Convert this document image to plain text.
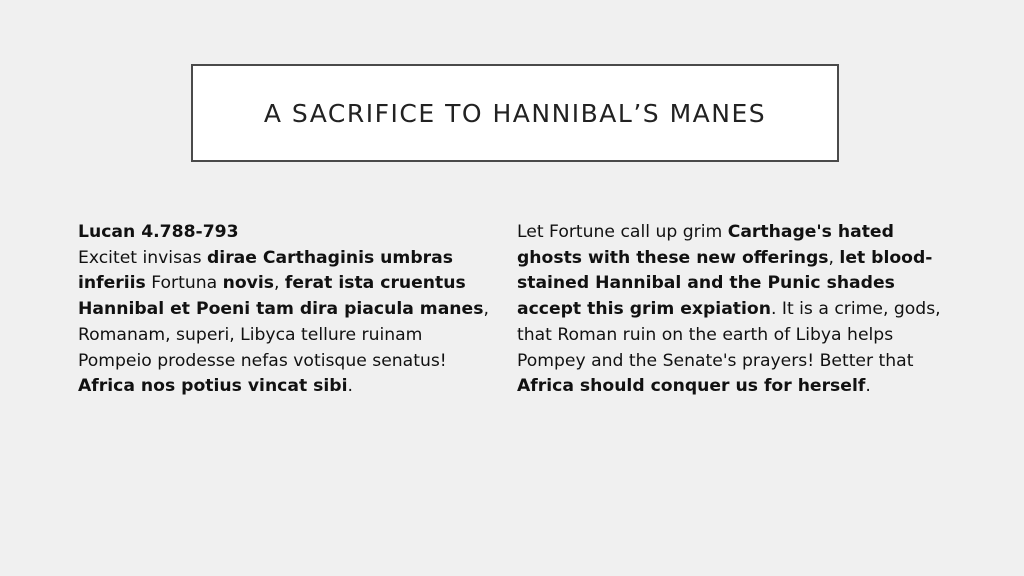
A SACRIFICE TO HANNIBAL’S MANES
Lucan 4.788-793
Excitet invisas dirae Carthaginis umbras
inferiis Fortuna novis, ferat ista cruentus
Hannibal et Poeni tam dira piacula manes,
Romanam, superi, Libyca tellure ruinam
Pompeio prodesse nefas votisque senatus!
Africa nos potius vincat sibi.
Let Fortune call up grim Carthage's hated
ghosts with these new offerings, let blood-
stained Hannibal and the Punic shades
accept this grim expiation. It is a crime, gods,
that Roman ruin on the earth of Libya helps
Pompey and the Senate's prayers! Better that
Africa should conquer us for herself.
